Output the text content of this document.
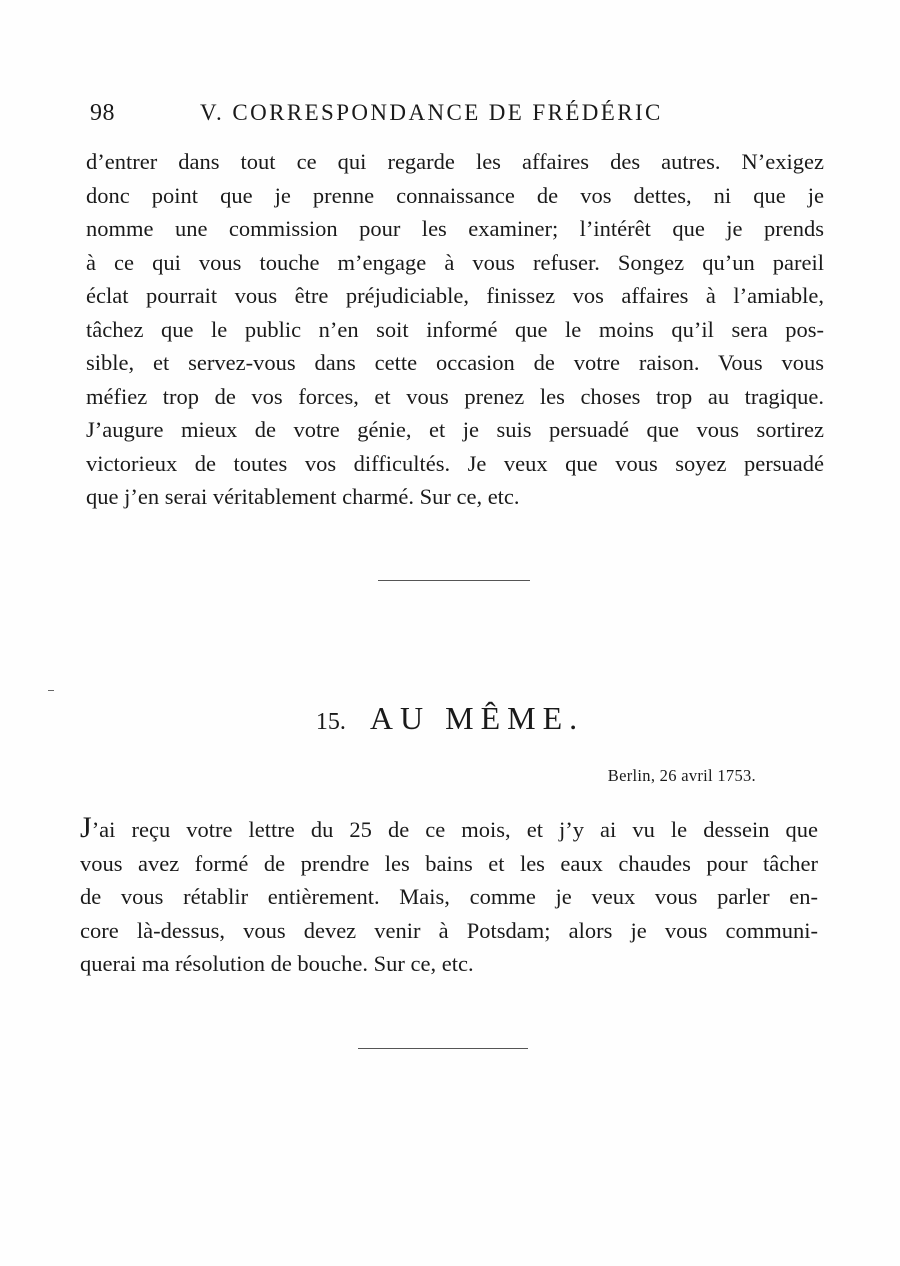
98	V. CORRESPONDANCE DE FRÉDÉRIC
d’entrer dans tout ce qui regarde les affaires des autres. N’exigez
donc point que je prenne connaissance de vos dettes, ni que je
nomme une commission pour les examiner; l’intérêt que je prends
à ce qui vous touche m’engage à vous refuser. Songez qu’un pareil
éclat pourrait vous être préjudiciable, finissez vos affaires à l’amiable,
tâchez que le public n’en soit informé que le moins qu’il sera pos-
sible, et servez-vous dans cette occasion de votre raison. Vous vous
méfiez trop de vos forces, et vous prenez les choses trop au tragique.
J’augure mieux de votre génie, et je suis persuadé que vous sortirez
victorieux de toutes vos difficultés. Je veux que vous soyez persuadé
que j’en serai véritablement charmé. Sur ce, etc.
15. AU MÊME.
Berlin, 26 avril 1753.
J’ai reçu votre lettre du 25 de ce mois, et j’y ai vu le dessein que
vous avez formé de prendre les bains et les eaux chaudes pour tâcher
de vous rétablir entièrement. Mais, comme je veux vous parler en-
core là-dessus, vous devez venir à Potsdam; alors je vous communi-
querai ma résolution de bouche. Sur ce, etc.
